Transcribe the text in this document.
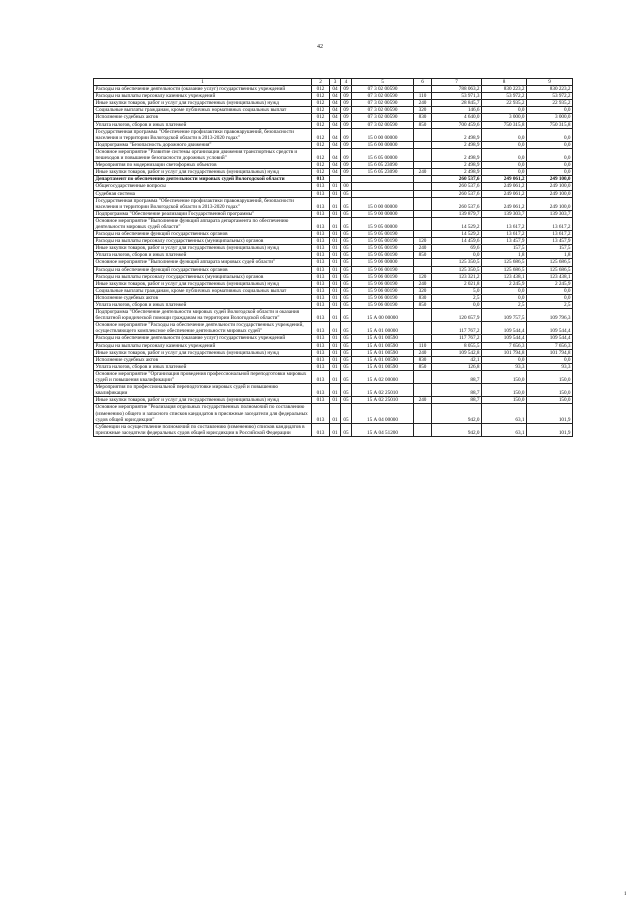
42
1	2	3	4	5	6	7	8	9
Расходы на обеспечение деятельности (оказание услуг) государственных учреждений	012	04	09	07 3 02 00590		788 063,2	830 223,2	830 223,2
Расходы на выплаты персоналу казенных учреждений	012	04	09	07 3 02 00590	110	53 971,3	53 972,2	53 972,2
Иные закупки товаров, работ и услуг для государственных (муниципальных) нужд	012	04	09	07 3 02 00590	240	28 845,7	22 935,2	22 935,2
Социальные выплаты гражданам, кроме публичных нормативных социальных выплат	012	04	09	07 3 02 00590	320	146,6	0,0	0,0
Исполнение судебных актов	012	04	09	07 3 02 00590	830	4 640,0	3 000,0	3 000,0
Уплата налогов, сборов и иных платежей	012	04	09	07 3 02 00590	850	700 459,6	750 315,8	750 315,8
Государственная программа "Обеспечение профилактики правонарушений, безопасности населения и территории Вологодской области в 2013-2020 годах"	012	04	09	15 0 00 00000		2 498,9	0,0	0,0
Подпрограмма "Безопасность дорожного движения"	012	04	09	15 6 00 00000		2 498,9	0,0	0,0
Основное мероприятие "Развитие системы организации движения транспортных средств и пешеходов и повышение безопасности дорожных условий"	012	04	09	15 6 05 00000		2 498,9	0,0	0,0
Мероприятия по модернизации светофорных объектов	012	04	09	15 6 05 23090		2 498,9	0,0	0,0
Иные закупки товаров, работ и услуг для государственных (муниципальных) нужд	012	04	09	15 6 05 23090	240	2 498,9	0,0	0,0
Департамент по обеспечению деятельности мировых судей Вологодской области	013					260 537,6	249 061,2	249 100,0
Общегосударственные вопросы	013	01	00			260 537,6	249 061,2	249 100,0
Судебная система	013	01	05			260 537,6	249 061,2	249 100,0
Государственная программа "Обеспечение профилактики правонарушений, безопасности населения и территории Вологодской области в 2013-2020 годах"	013	01	05	15 0 00 00000		260 537,6	249 061,2	249 100,0
Подпрограмма "Обеспечение реализации Государственной программы"	013	01	05	15 9 00 00000		139 879,7	139 303,7	139 303,7
Основное мероприятие "Выполнение функций аппарата департамента по обеспечению деятельности мировых судей области"	013	01	05	15 9 05 00000		14 529,2	13 617,2	13 617,2
Расходы на обеспечение функций государственных органов	013	01	05	15 9 05 00190		14 529,2	13 617,2	13 617,2
Расходы на выплаты персоналу государственных (муниципальных) органов	013	01	05	15 9 05 00190	120	14 459,6	13 457,9	13 457,9
Иные закупки товаров, работ и услуг для государственных (муниципальных) нужд	013	01	05	15 9 05 00190	240	69,6	157,5	157,5
Уплата налогов, сборов и иных платежей	013	01	05	15 9 05 00190	850	0,0	1,8	1,8
Основное мероприятие "Выполнение функций аппарата мировых судей области"	013	01	05	15 9 06 00000		125 350,5	125 686,5	125 686,5
Расходы на обеспечение функций государственных органов	013	01	05	15 9 06 00190		125 350,5	125 686,5	125 686,5
Расходы на выплаты персоналу государственных (муниципальных) органов	013	01	05	15 9 06 00190	120	123 321,2	123 438,1	123 438,1
Иные закупки товаров, работ и услуг для государственных (муниципальных) нужд	013	01	05	15 9 06 00190	240	2 021,8	2 245,9	2 245,9
Социальные выплаты гражданам, кроме публичных нормативных социальных выплат	013	01	05	15 9 06 00190	320	5,0	0,0	0,0
Исполнение судебных актов	013	01	05	15 9 06 00190	830	2,5	0,0	0,0
Уплата налогов, сборов и иных платежей	013	01	05	15 9 06 00190	850	0,0	2,5	2,5
Подпрограмма "Обеспечение деятельности мировых судей Вологодской области и оказания бесплатной юридической помощи гражданам на территории Вологодской области"	013	01	05	15 А 00 00000		120 657,9	109 757,5	109 796,3
Основное мероприятие "Расходы на обеспечение деятельности государственных учреждений, осуществляющего комплексное обеспечение деятельности мировых судей"	013	01	05	15 А 01 00000		117 767,2	109 544,4	109 544,4
Расходы на обеспечение деятельности (оказание услуг) государственных учреждений	013	01	05	15 А 01 00590		117 767,2	109 544,4	109 544,4
Расходы на выплаты персоналу казенных учреждений	013	01	05	15 А 01 00590	110	8 055,5	7 656,3	7 656,3
Иные закупки товаров, работ и услуг для государственных (муниципальных) нужд	013	01	05	15 А 01 00590	240	109 542,8	101 794,8	101 794,8
Исполнение судебных актов	013	01	05	15 А 01 00590	830	42,1	0,0	0,0
Уплата налогов, сборов и иных платежей	013	01	05	15 А 01 00590	850	126,8	93,3	93,3
Основное мероприятие "Организация проведения профессиональной переподготовки мировых судей и повышения квалификации"	013	01	05	15 А 02 00000		88,7	150,0	150,0
Мероприятия по профессиональной переподготовке мировых судей и повышению квалификации	013	01	05	15 А 02 25010		88,7	150,0	150,0
Иные закупки товаров, работ и услуг для государственных (муниципальных) нужд	013	01	05	15 А 02 25010	240	88,7	150,0	150,0
Основное мероприятие "Реализация отдельных государственных полномочий по составлению (изменению) общего и запасного списков кандидатов в присяжные заседатели для федеральных судов общей юрисдикции"	013	01	05	15 А 04 00000		942,0	63,1	101,9
Субвенции на осуществление полномочий по составлению (изменению) списков кандидатов в присяжные заседатели федеральных судов общей юрисдикции в Российской Федерации	013	01	05	15 А 04 51200		942,0	63,1	101,9
i
